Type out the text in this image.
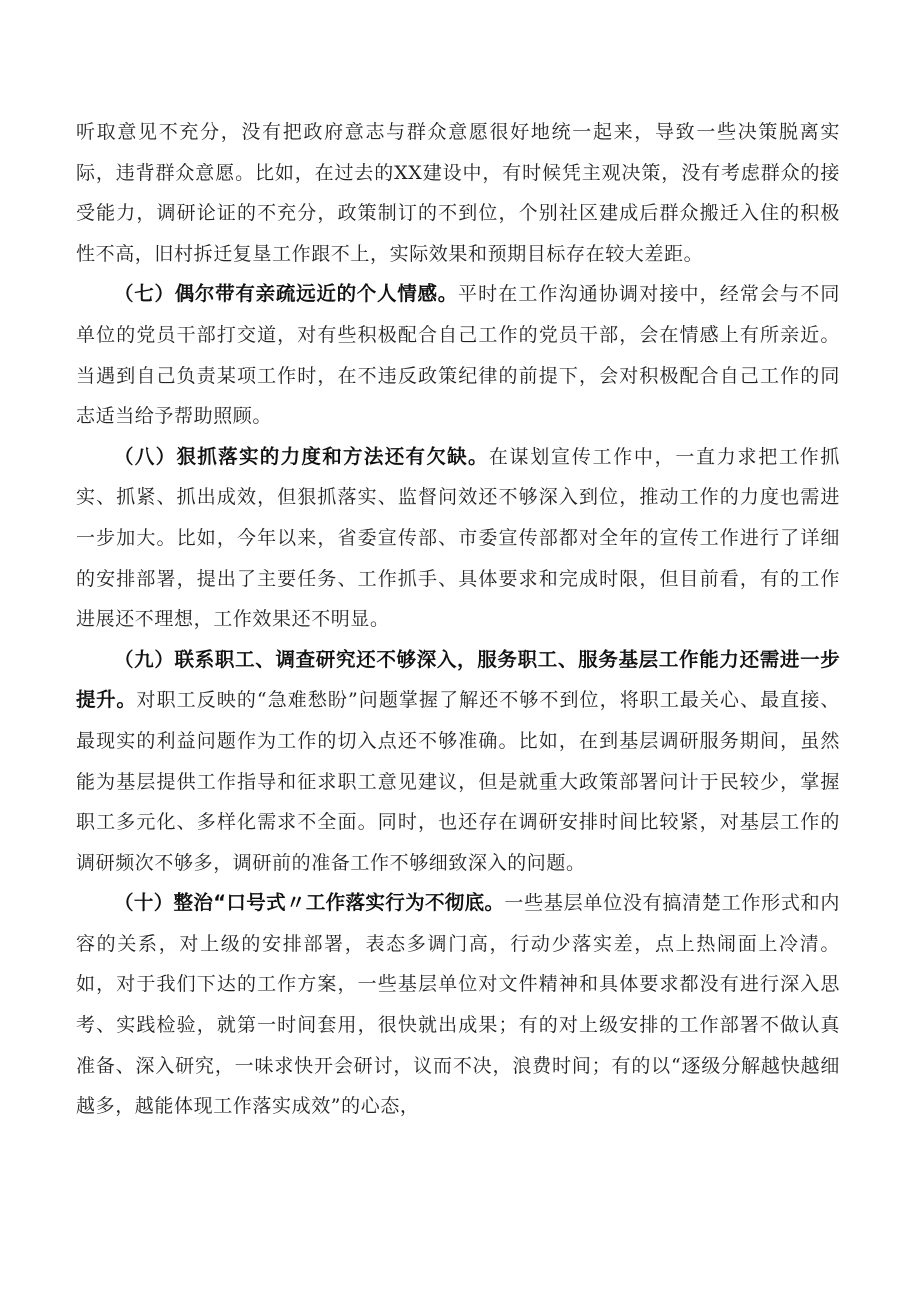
听取意见不充分，没有把政府意志与群众意愿很好地统一起来，导致一些决策脱离实际，违背群众意愿。比如，在过去的XX建设中，有时候凭主观决策，没有考虑群众的接受能力，调研论证的不充分，政策制订的不到位，个别社区建成后群众搬迁入住的积极性不高，旧村拆迁复垦工作跟不上，实际效果和预期目标存在较大差距。

（七）偶尔带有亲疏远近的个人情感。平时在工作沟通协调对接中，经常会与不同单位的党员干部打交道，对有些积极配合自己工作的党员干部，会在情感上有所亲近。当遇到自己负责某项工作时，在不违反政策纪律的前提下，会对积极配合自己工作的同志适当给予帮助照顾。

（八）狠抓落实的力度和方法还有欠缺。在谋划宣传工作中，一直力求把工作抓实、抓紧、抓出成效，但狠抓落实、监督问效还不够深入到位，推动工作的力度也需进一步加大。比如，今年以来，省委宣传部、市委宣传部都对全年的宣传工作进行了详细的安排部署，提出了主要任务、工作抓手、具体要求和完成时限，但目前看，有的工作进展还不理想，工作效果还不明显。

（九）联系职工、调查研究还不够深入，服务职工、服务基层工作能力还需进一步提升。对职工反映的“急难愁盼”问题掌握了解还不够不到位，将职工最关心、最直接、最现实的利益问题作为工作的切入点还不够准确。比如，在到基层调研服务期间，虽然能为基层提供工作指导和征求职工意见建议，但是就重大政策部署问计于民较少，掌握职工多元化、多样化需求不全面。同时，也还存在调研安排时间比较紧，对基层工作的调研频次不够多，调研前的准备工作不够细致深入的问题。

（十）整治“口号式〃工作落实行为不彻底。一些基层单位没有搞清楚工作形式和内容的关系，对上级的安排部署，表态多调门高，行动少落实差，点上热闹面上冷清。如，对于我们下达的工作方案，一些基层单位对文件精神和具体要求都没有进行深入思考、实践检验，就第一时间套用，很快就出成果；有的对上级安排的工作部署不做认真准备、深入研究，一味求快开会研讨，议而不决，浪费时间；有的以“逐级分解越快越细越多，越能体现工作落实成效”的心态，
